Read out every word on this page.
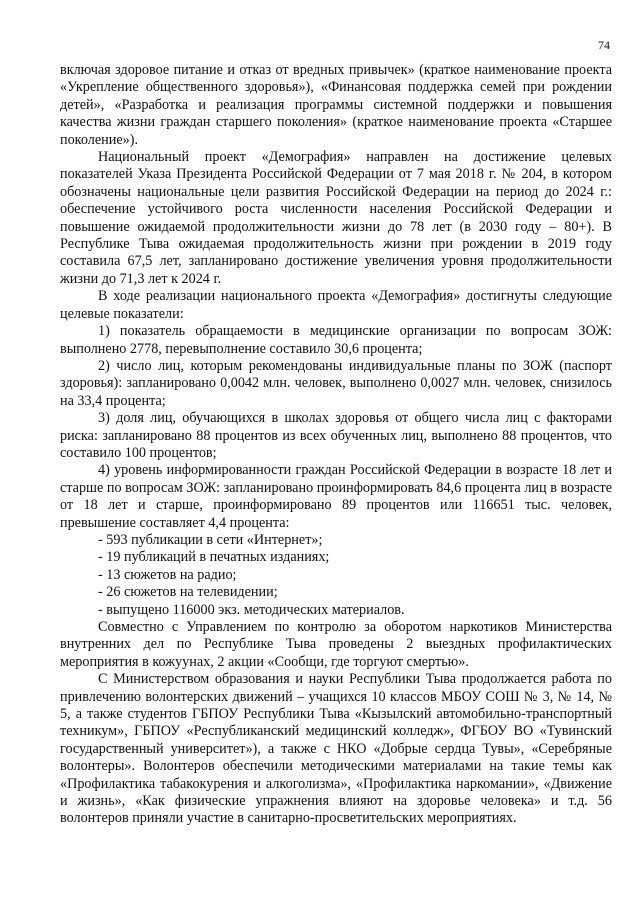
74

включая здоровое питание и отказ от вредных привычек» (краткое наименование проекта «Укрепление общественного здоровья»), «Финансовая поддержка семей при рождении детей», «Разработка и реализация программы системной поддержки и повышения качества жизни граждан старшего поколения» (краткое наименование проекта «Старшее поколение»).

Национальный проект «Демография» направлен на достижение целевых показателей Указа Президента Российской Федерации от 7 мая 2018 г. № 204, в котором обозначены национальные цели развития Российской Федерации на период до 2024 г.: обеспечение устойчивого роста численности населения Российской Федерации и повышение ожидаемой продолжительности жизни до 78 лет (в 2030 году – 80+). В Республике Тыва ожидаемая продолжительность жизни при рождении в 2019 году составила 67,5 лет, запланировано достижение увеличения уровня продолжительности жизни до 71,3 лет к 2024 г.

В ходе реализации национального проекта «Демография» достигнуты следующие целевые показатели:

1) показатель обращаемости в медицинские организации по вопросам ЗОЖ: выполнено 2778, перевыполнение составило 30,6 процента;

2) число лиц, которым рекомендованы индивидуальные планы по ЗОЖ (паспорт здоровья): запланировано 0,0042 млн. человек, выполнено 0,0027 млн. человек, снизилось на 33,4 процента;

3) доля лиц, обучающихся в школах здоровья от общего числа лиц с факторами риска: запланировано 88 процентов из всех обученных лиц, выполнено 88 процентов, что составило 100 процентов;

4) уровень информированности граждан Российской Федерации в возрасте 18 лет и старше по вопросам ЗОЖ: запланировано проинформировать 84,6 процента лиц в возрасте от 18 лет и старше, проинформировано 89 процентов или 116651 тыс. человек, превышение составляет 4,4 процента:

- 593 публикации в сети «Интернет»;
- 19 публикаций в печатных изданиях;
- 13 сюжетов на радио;
- 26 сюжетов на телевидении;
- выпущено 116000 экз. методических материалов.

Совместно с Управлением по контролю за оборотом наркотиков Министерства внутренних дел по Республике Тыва проведены 2 выездных профилактических мероприятия в кожуунах, 2 акции «Сообщи, где торгуют смертью».

С Министерством образования и науки Республики Тыва продолжается работа по привлечению волонтерских движений – учащихся 10 классов МБОУ СОШ № 3, № 14, № 5, а также студентов ГБПОУ Республики Тыва «Кызылский автомобильно-транспортный техникум», ГБПОУ «Республиканский медицинский колледж», ФГБОУ ВО «Тувинский государственный университет»), а также с НКО «Добрые сердца Тувы», «Серебряные волонтеры». Волонтеров обеспечили методическими материалами на такие темы как «Профилактика табакокурения и алкоголизма», «Профилактика наркомании», «Движение и жизнь», «Как физические упражнения влияют на здоровье человека» и т.д. 56 волонтеров приняли участие в санитарно-просветительских мероприятиях.
